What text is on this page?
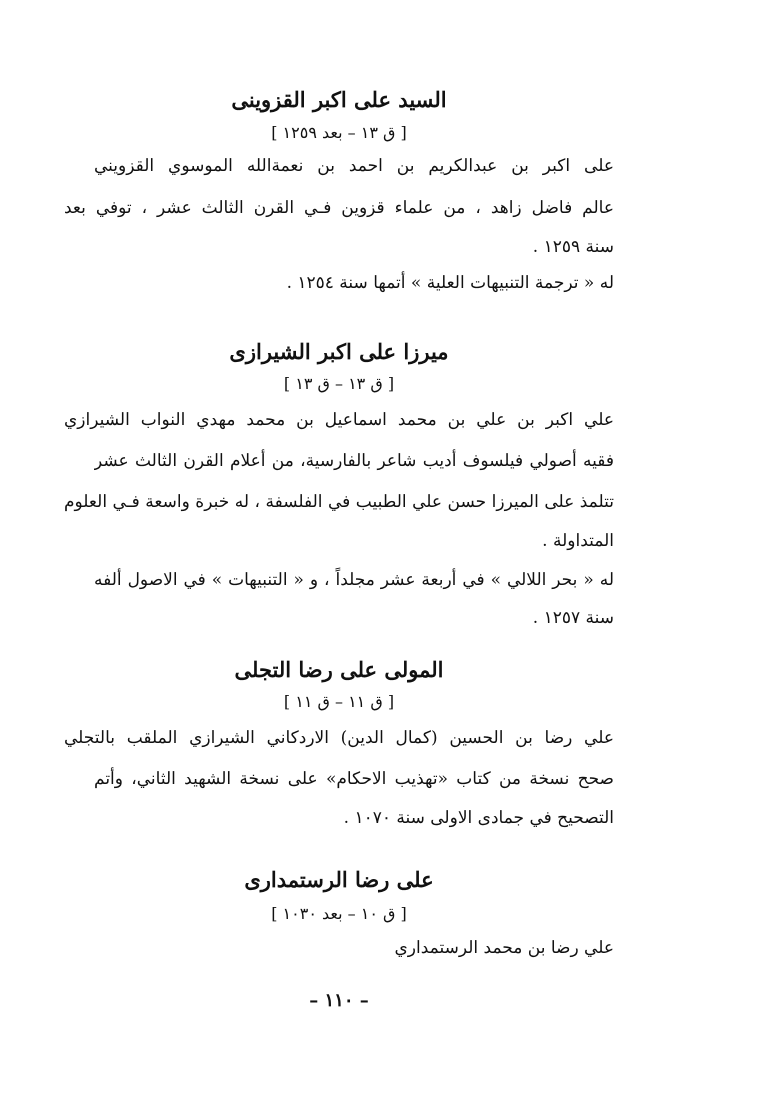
السيد على اكبر القزوينى
[ ق ١٣ – بعد ١٢٥٩ ]
على اكبر بن عبدالكريم بن احمد بن نعمةالله الموسوي القزويني
عالم فاضل زاهد ، من علماء قزوين فـي القرن الثالث عشر ، توفي بعد
سنة ١٢٥٩ .
له « ترجمة التنبيهات العلية » أتمها سنة ١٢٥٤ .
ميرزا على اكبر الشيرازى
[ ق ١٣ – ق ١٣ ]
علي اكبر بن علي بن محمد اسماعيل بن محمد مهدي النواب الشيرازي
فقيه أصولي فيلسوف أديب شاعر بالفارسية، من أعلام القرن الثالث عشر
تتلمذ على الميرزا حسن علي الطبيب في الفلسفة ، له خبرة واسعة فـي العلوم
المتداولة .
له « بحر اللالي » في أربعة عشر مجلداً ، و « التنبيهات » في الاصول ألفه
سنة ١٢٥٧ .
المولى على رضا التجلى
[ ق ١١ – ق ١١ ]
علي رضا بن الحسين (كمال الدين) الاردكاني الشيرازي الملقب بالتجلي
صحح نسخة من كتاب «تهذيب الاحكام» على نسخة الشهيد الثاني، وأتم
التصحيح في جمادى الاولى سنة ١٠٧٠ .
على رضا الرستمدارى
[ ق ١٠ – بعد ١٠٣٠ ]
علي رضا بن محمد الرستمداري
– ١١٠ –
